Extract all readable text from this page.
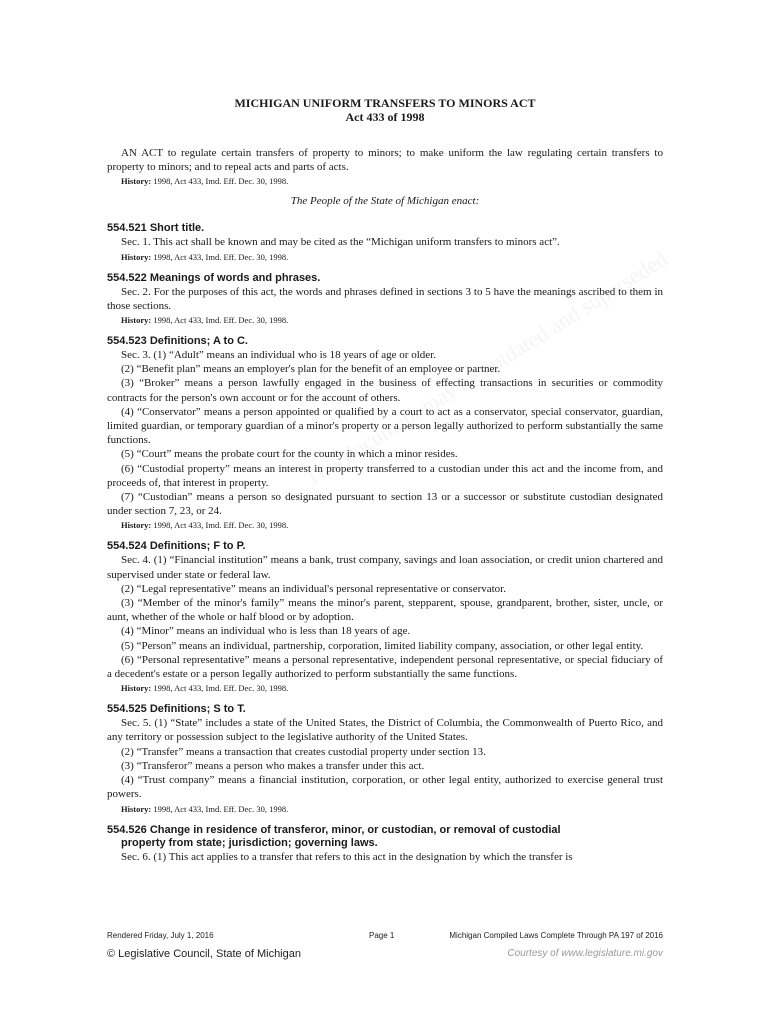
MICHIGAN UNIFORM TRANSFERS TO MINORS ACT
Act 433 of 1998

AN ACT to regulate certain transfers of property to minors; to make uniform the law regulating certain transfers to property to minors; and to repeal acts and parts of acts.

History: 1998, Act 433, Imd. Eff. Dec. 30, 1998.
The People of the State of Michigan enact:
554.521 Short title.

Sec. 1. This act shall be known and may be cited as the “Michigan uniform transfers to minors act”.

History: 1998, Act 433, Imd. Eff. Dec. 30, 1998.
554.522 Meanings of words and phrases.

Sec. 2. For the purposes of this act, the words and phrases defined in sections 3 to 5 have the meanings ascribed to them in those sections.

History: 1998, Act 433, Imd. Eff. Dec. 30, 1998.
554.523 Definitions; A to C.

Sec. 3. (1) “Adult” means an individual who is 18 years of age or older.

(2) “Benefit plan” means an employer's plan for the benefit of an employee or partner.

(3) “Broker” means a person lawfully engaged in the business of effecting transactions in securities or commodity contracts for the person's own account or for the account of others.

(4) “Conservator” means a person appointed or qualified by a court to act as a conservator, special conservator, guardian, limited guardian, or temporary guardian of a minor's property or a person legally authorized to perform substantially the same functions.

(5) “Court” means the probate court for the county in which a minor resides.

(6) “Custodial property” means an interest in property transferred to a custodian under this act and the income from, and proceeds of, that interest in property.

(7) “Custodian” means a person so designated pursuant to section 13 or a successor or substitute custodian designated under section 7, 23, or 24.

History: 1998, Act 433, Imd. Eff. Dec. 30, 1998.
554.524 Definitions; F to P.

Sec. 4. (1) “Financial institution” means a bank, trust company, savings and loan association, or credit union chartered and supervised under state or federal law.

(2) “Legal representative” means an individual's personal representative or conservator.

(3) “Member of the minor's family” means the minor's parent, stepparent, spouse, grandparent, brother, sister, uncle, or aunt, whether of the whole or half blood or by adoption.

(4) “Minor” means an individual who is less than 18 years of age.

(5) “Person” means an individual, partnership, corporation, limited liability company, association, or other legal entity.

(6) “Personal representative” means a personal representative, independent personal representative, or special fiduciary of a decedent's estate or a person legally authorized to perform substantially the same functions.

History: 1998, Act 433, Imd. Eff. Dec. 30, 1998.
554.525 Definitions; S to T.

Sec. 5. (1) “State” includes a state of the United States, the District of Columbia, the Commonwealth of Puerto Rico, and any territory or possession subject to the legislative authority of the United States.

(2) “Transfer” means a transaction that creates custodial property under section 13.

(3) “Transferor” means a person who makes a transfer under this act.

(4) “Trust company” means a financial institution, corporation, or other legal entity, authorized to exercise general trust powers.

History: 1998, Act 433, Imd. Eff. Dec. 30, 1998.
554.526 Change in residence of transferor, minor, or custodian, or removal of custodial
property from state; jurisdiction; governing laws.

Sec. 6. (1) This act applies to a transfer that refers to this act in the designation by which the transfer is

Rendered Friday, July 1, 2016	Page 1	Michigan Compiled Laws Complete Through PA 197 of 2016
© Legislative Council, State of Michigan	Courtesy of www.legislature.mi.gov
